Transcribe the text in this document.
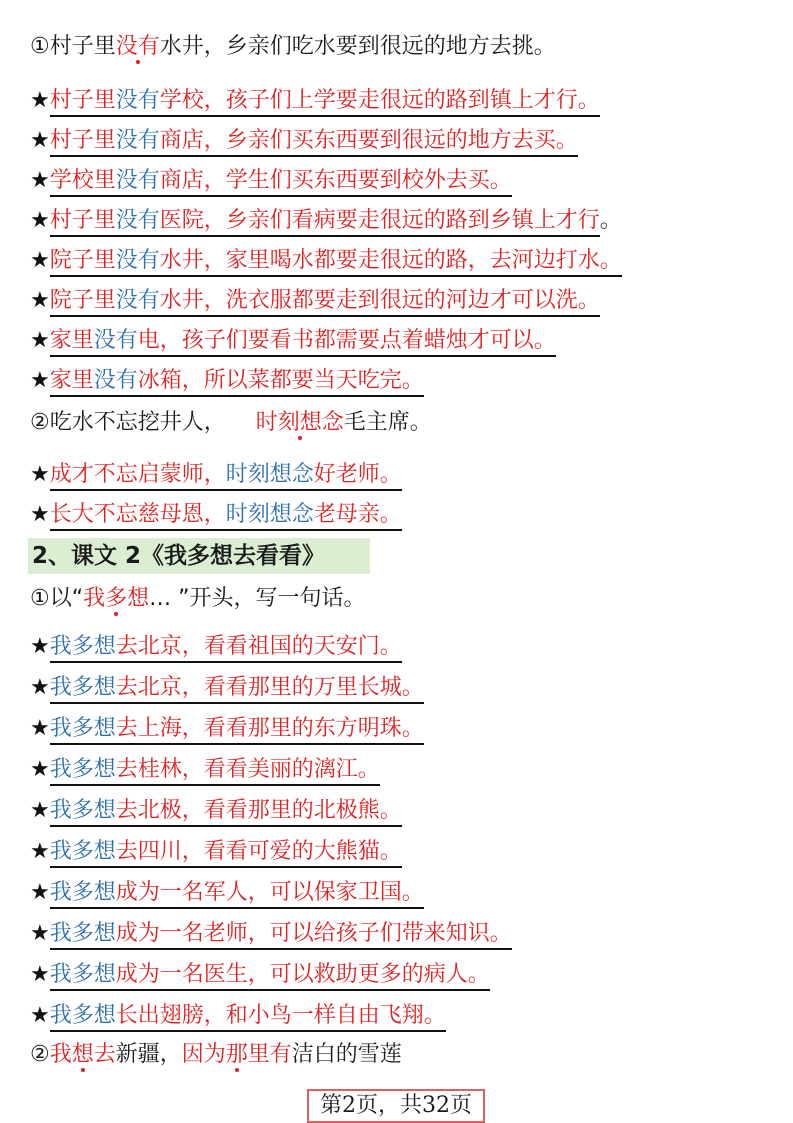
①村子里没有水井，乡亲们吃水要到很远的地方去挑。
★村子里没有学校，孩子们上学要走很远的路到镇上才行。
★村子里没有商店，乡亲们买东西要到很远的地方去买。
★学校里没有商店，学生们买东西要到校外去买。
★村子里没有医院，乡亲们看病要走很远的路到乡镇上才行。
★院子里没有水井，家里喝水都要走很远的路，去河边打水。
★院子里没有水井，洗衣服都要走到很远的河边才可以洗。
★家里没有电，孩子们要看书都需要点着蜡烛才可以。
★家里没有冰箱，所以菜都要当天吃完。
②吃水不忘挖井人， 时刻想念毛主席。
★成才不忘启蒙师，时刻想念好老师。
★长大不忘慈母恩，时刻想念老母亲。
2、课文 2《我多想去看看》
①以“我多想… ”开头，写一句话。
★我多想去北京，看看祖国的天安门。
★我多想去北京，看看那里的万里长城。
★我多想去上海，看看那里的东方明珠。
★我多想去桂林，看看美丽的漓江。
★我多想去北极，看看那里的北极熊。
★我多想去四川，看看可爱的大熊猫。
★我多想成为一名军人，可以保家卫国。
★我多想成为一名老师，可以给孩子们带来知识。
★我多想成为一名医生，可以救助更多的病人。
★我多想长出翅膀，和小鸟一样自由飞翔。
②我想去新疆，因为那里有洁白的雪莲
第2页，共32页
